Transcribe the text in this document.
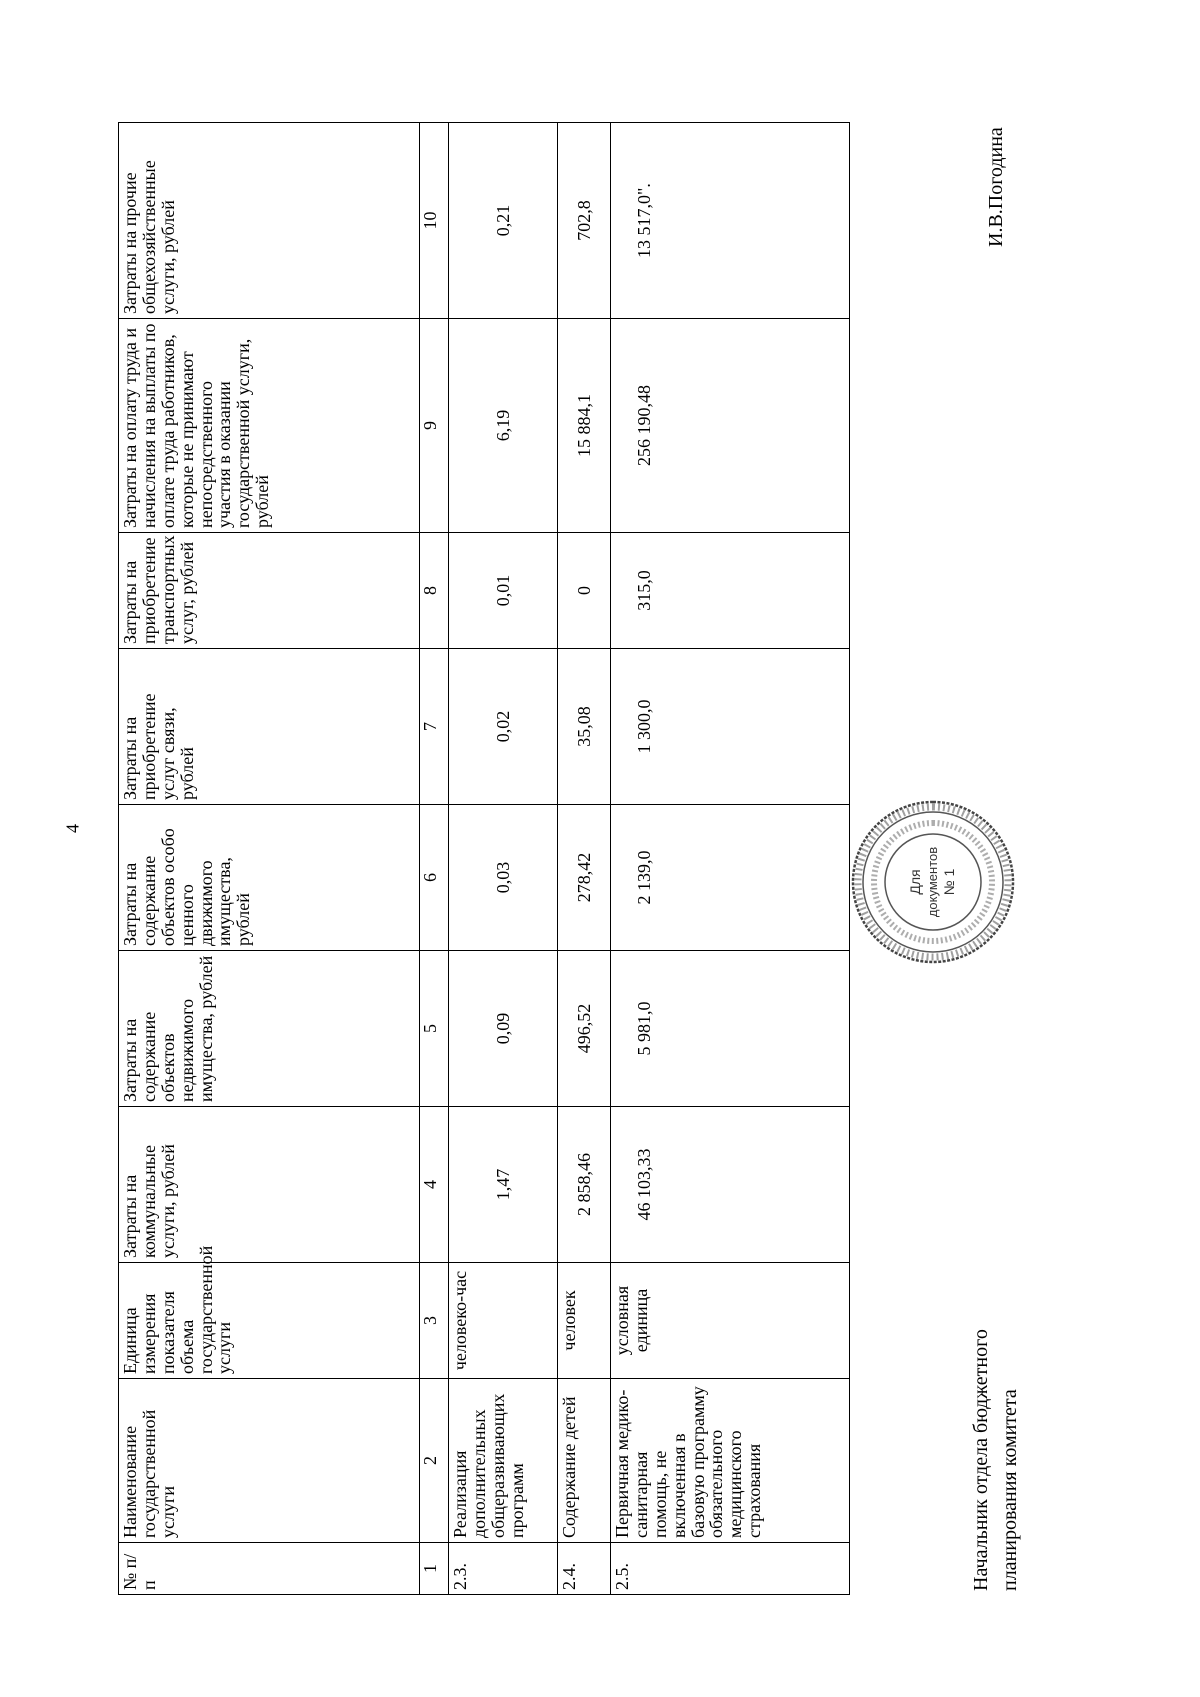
4
№ п/п	Наименование государственной услуги	Единица измерения показателя объема государственной услуги	Затраты на коммунальные услуги, рублей	Затраты на содержание объектов недвижимого имущества, рублей	Затраты на содержание объектов особо ценного движимого имущества, рублей	Затраты на приобретение услуг связи, рублей	Затраты на приобретение транспортных услуг, рублей	Затраты на оплату труда и начисления на выплаты по оплате труда работников, которые не принимают непосредственного участия в оказании государственной услуги, рублей	Затраты на прочие общехозяйственные услуги, рублей
1	2	3	4	5	6	7	8	9	10
2.3.	Реализация дополнительных общеразвивающих программ	человеко-час	1,47	0,09	0,03	0,02	0,01	6,19	0,21
2.4.	Содержание детей	человек	2 858,46	496,52	278,42	35,08	0	15 884,1	702,8
2.5.	Первичная медико-санитарная помощь, не включенная в базовую программу обязательного медицинского страхования	условная единица	46 103,33	5 981,0	2 139,0	1 300,0	315,0	256 190,48	13 517,0".
Начальник отдела бюджетного планирования комитета
И.В.Погодина
Для документов № 1
